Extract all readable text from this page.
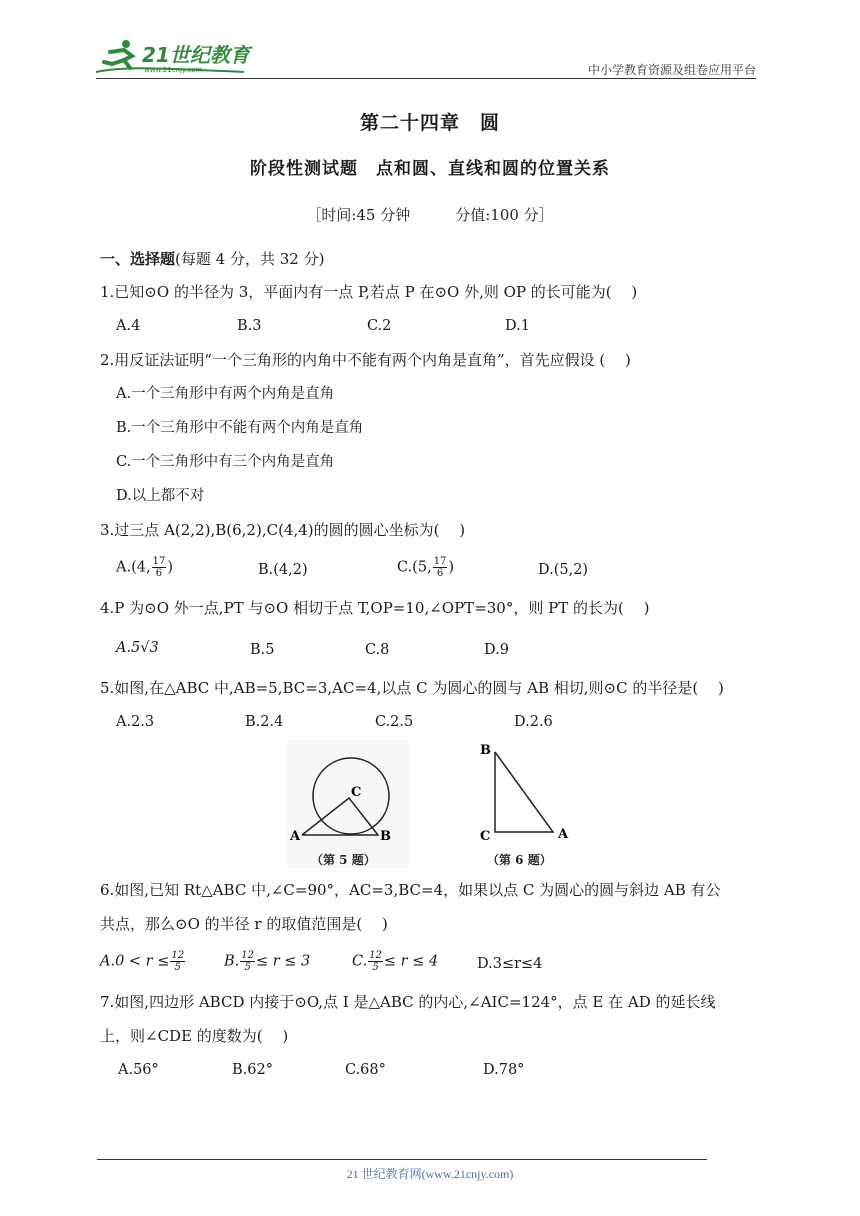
21世纪教育
www.21cnjy.com	中小学教育资源及组卷应用平台
第二十四章　圆
阶段性测试题　点和圆、直线和圆的位置关系
［时间:45 分钟　　　分值:100 分］
一、选择题(每题 4 分，共 32 分)
1.已知⊙O 的半径为 3，平面内有一点 P,若点 P 在⊙O 外,则 OP 的长可能为(　 )
A.4	B.3	C.2	D.1
2.用反证法证明“一个三角形的内角中不能有两个内角是直角”，首先应假设 (　 )
A.一个三角形中有两个内角是直角
B.一个三角形中不能有两个内角是直角
C.一个三角形中有三个内角是直角
D.以上都不对
3.过三点 A(2,2),B(6,2),C(4,4)的圆的圆心坐标为(　 )
A.(4, $\frac{17}{6}$ )	B.(4,2)	C.(5, $\frac{17}{6}$ )	D.(5,2)
4.P 为⊙O 外一点,PT 与⊙O 相切于点 T,OP=10,∠OPT=30°，则 PT 的长为(　 )
A.5√3	B.5	C.8	D.9
5.如图,在△ABC 中,AB=5,BC=3,AC=4,以点 C 为圆心的圆与 AB 相切,则⊙C 的半径是(　 )
A.2.3	B.2.4	C.2.5	D.2.6
C
A	B
（第 5 题）
B
C	A
（第 6 题）
6.如图,已知 Rt△ABC 中,∠C=90°，AC=3,BC=4，如果以点 C 为圆心的圆与斜边 AB 有公
共点，那么⊙O 的半径 r 的取值范围是(　 )
$A.0 < r \le \frac{12}{5}$	B. $\frac{12}{5} \le r \le 3$	C. $\frac{12}{5} \le r \le 4$	D.3≤r≤4
7.如图,四边形 ABCD 内接于⊙O,点 I 是△ABC 的内心,∠AIC=124°，点 E 在 AD 的延长线
上，则∠CDE 的度数为(　 )
A.56°	B.62°	C.68°	D.78°
21 世纪教育网(www.21cnjy.com)
